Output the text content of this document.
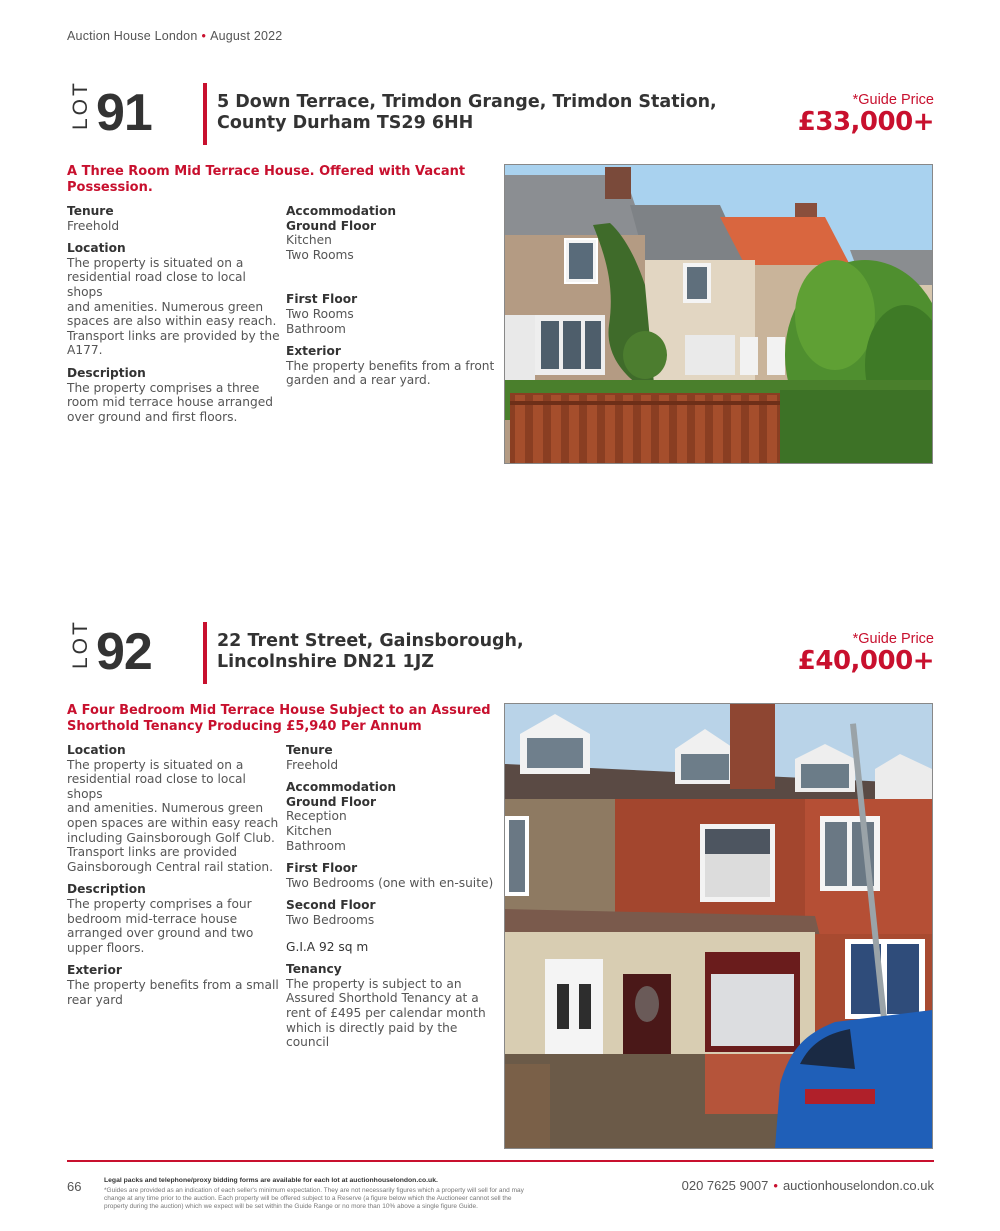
Auction House London • August 2022
LOT 91	5 Down Terrace, Trimdon Grange, Trimdon Station,
County Durham TS29 6HH
*Guide Price
£33,000+
A Three Room Mid Terrace House. Offered with Vacant
Possession.
Tenure

Freehold

Location

The property is situated on a

residential road close to local shops

and amenities. Numerous green

spaces are also within easy reach.

Transport links are provided by the

A177.

Description

The property comprises a three

room mid terrace house arranged

over ground and first floors.

Accommodation
Ground Floor

Kitchen

Two Rooms

First Floor

Two Rooms

Bathroom

Exterior

The property benefits from a front

garden and a rear yard.

LOT 92	22 Trent Street, Gainsborough,
Lincolnshire DN21 1JZ
*Guide Price
£40,000+
A Four Bedroom Mid Terrace House Subject to an Assured
Shorthold Tenancy Producing £5,940 Per Annum
Location

The property is situated on a

residential road close to local shops

and amenities. Numerous green

open spaces are within easy reach

including Gainsborough Golf Club.

Transport links are provided

Gainsborough Central rail station.

Description

The property comprises a four

bedroom mid-terrace house

arranged over ground and two

upper floors.

Exterior

The property benefits from a small

rear yard

Tenure

Freehold

Accommodation
Ground Floor

Reception

Kitchen

Bathroom

First Floor

Two Bedrooms (one with en-suite)

Second Floor

Two Bedrooms

G.I.A 92 sq m

Tenancy

The property is subject to an

Assured Shorthold Tenancy at a

rent of £495 per calendar month

which is directly paid by the council

66	Legal packs and telephone/proxy bidding forms are available for each lot at auctionhouselondon.co.uk.
*Guides are provided as an indication of each seller's minimum expectation. They are not necessarily figures which a property will sell for and may
change at any time prior to the auction. Each property will be offered subject to a Reserve (a figure below which the Auctioneer cannot sell the
property during the auction) which we expect will be set within the Guide Range or no more than 10% above a single figure Guide.
020 7625 9007 • auctionhouselondon.co.uk
